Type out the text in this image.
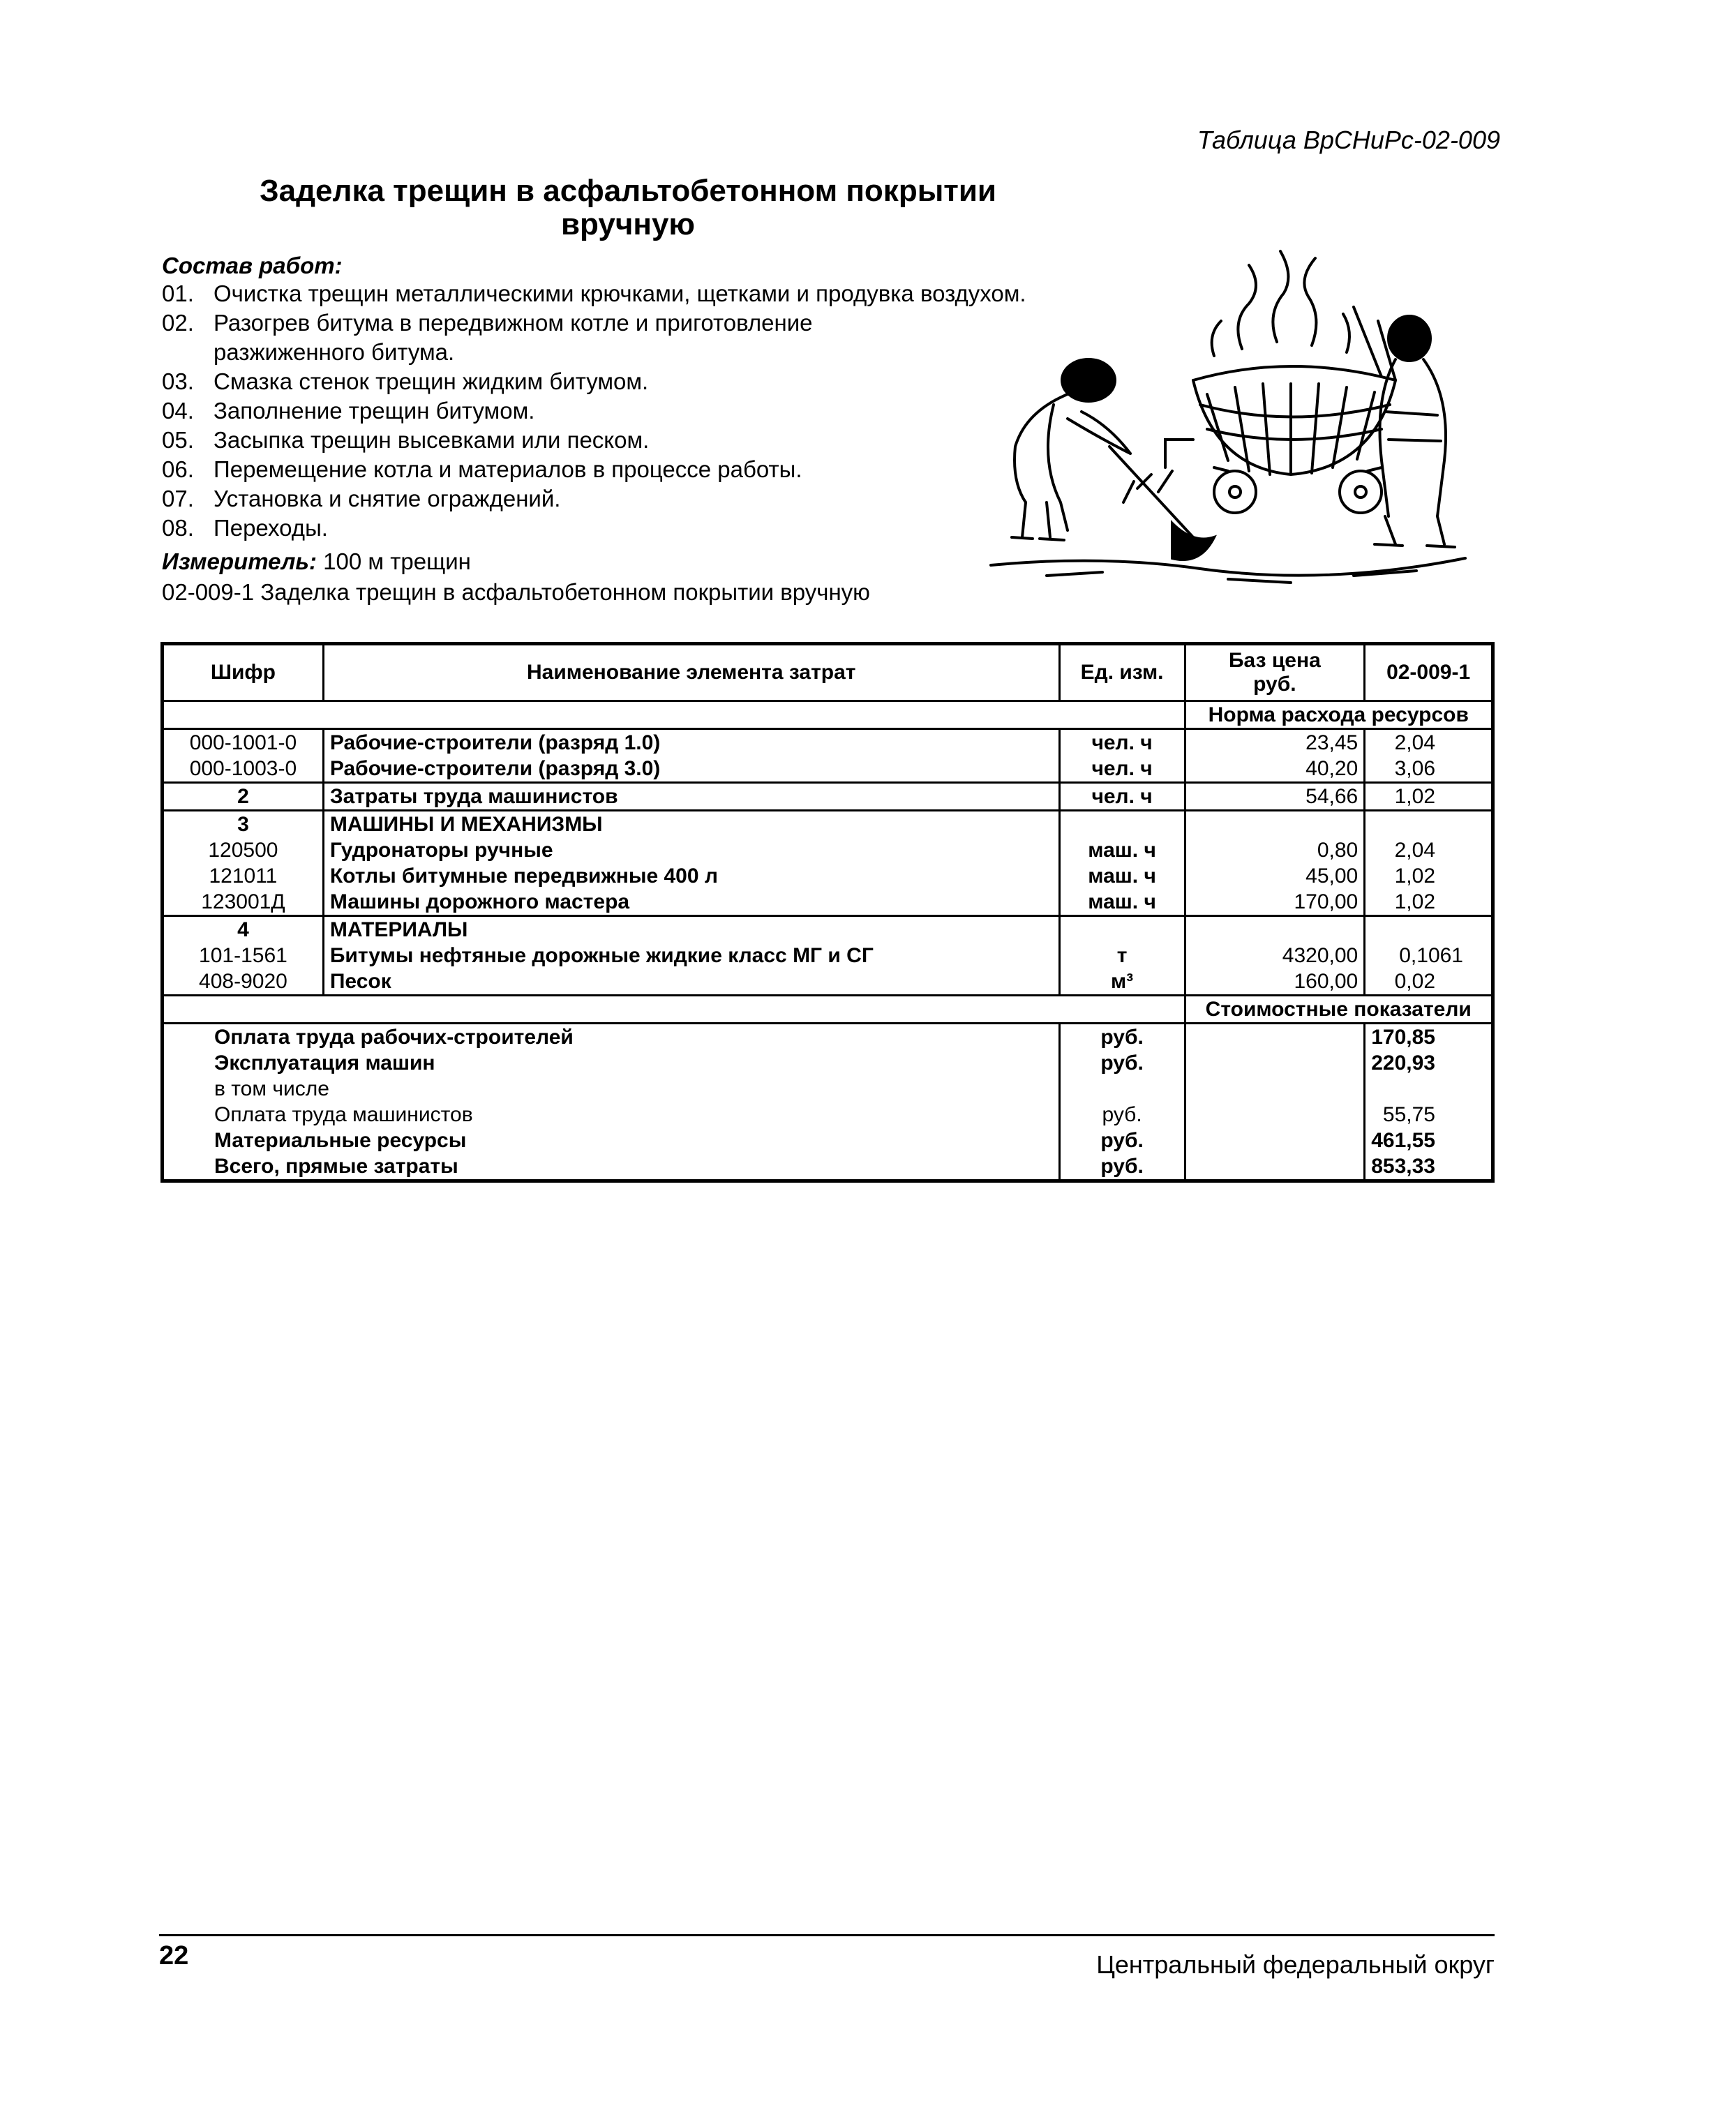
Таблица ВрСНиРс-02-009
Заделка трещин в асфальтобетонном покрытии
вручную
Состав работ:
01. Очистка трещин металлическими крючками, щетками и продувка воздухом.
02. Разогрев битума в передвижном котле и приготовление разжиженного битума.
03. Смазка стенок трещин жидким битумом.
04. Заполнение трещин битумом.
05. Засыпка трещин высевками или песком.
06. Перемещение котла и материалов в процессе работы.
07. Установка и снятие ограждений.
08. Переходы.
Измеритель: 100 м трещин
02-009-1 Заделка трещин в асфальтобетонном покрытии вручную
Шифр	Наименование элемента затрат	Ед. изм.	Баз цена руб.	02-009-1
			Норма расхода ресурсов	
000-1001-0	Рабочие-строители (разряд 1.0)	чел. ч	23,45	2,04
000-1003-0	Рабочие-строители (разряд 3.0)	чел. ч	40,20	3,06
2	Затраты труда машинистов	чел. ч	54,66	1,02
3	МАШИНЫ И МЕХАНИЗМЫ			
120500	Гудронаторы ручные	маш. ч	0,80	2,04
121011	Котлы битумные передвижные 400 л	маш. ч	45,00	1,02
123001Д	Машины дорожного мастера	маш. ч	170,00	1,02
4	МАТЕРИАЛЫ			
101-1561	Битумы нефтяные дорожные жидкие класс МГ и СГ	т	4320,00	0,1061
408-9020	Песок	м³	160,00	0,02
			Стоимостные показатели	
Оплата труда рабочих-строителей		руб.		170,85
Эксплуатация машин		руб.		220,93
в том числе				
Оплата труда машинистов		руб.		55,75
Материальные ресурсы		руб.		461,55
Всего, прямые затраты		руб.		853,33
22	Центральный федеральный округ
